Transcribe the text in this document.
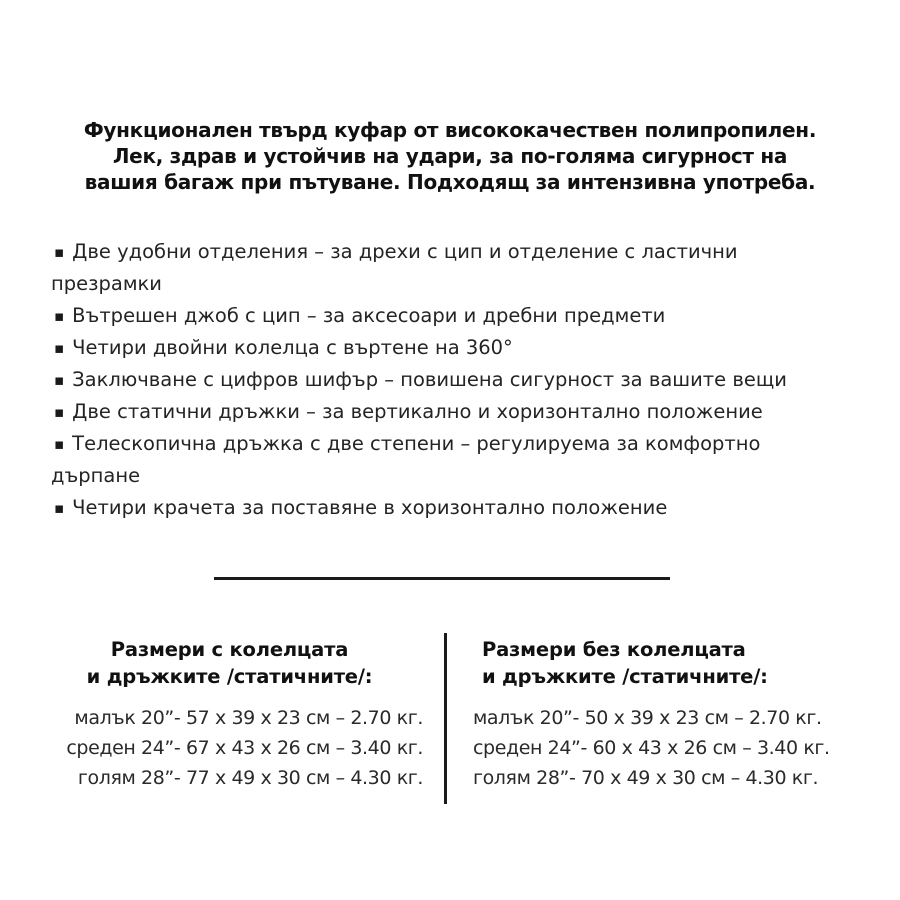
Функционален твърд куфар от висококачествен полипропилен.
Лек, здрав и устойчив на удари, за по-голяма сигурност на
вашия багаж при пътуване. Подходящ за интензивна употреба.
▪ Две удобни отделения – за дрехи с цип и отделение с ластични презрамки
▪ Вътрешен джоб с цип – за аксесоари и дребни предмети
▪ Четири двойни колелца с въртене на 360°
▪ Заключване с цифров шифър – повишена сигурност за вашите вещи
▪ Две статични дръжки – за вертикално и хоризонтално положение
▪ Телескопична дръжка с две степени – регулируема за комфортно дърпане
▪ Четири крачета за поставяне в хоризонтално положение
Размери с колелцата
и дръжките /статичните/:
малък 20”- 57 х 39 х 23 см – 2.70 кг.
среден 24”- 67 х 43 х 26 см – 3.40 кг.
голям 28”- 77 х 49 х 30 см – 4.30 кг.
Размери без колелцата
и дръжките /статичните/:
малък 20”- 50 х 39 х 23 см – 2.70 кг.
среден 24”- 60 х 43 х 26 см – 3.40 кг.
голям 28”- 70 х 49 х 30 см – 4.30 кг.
